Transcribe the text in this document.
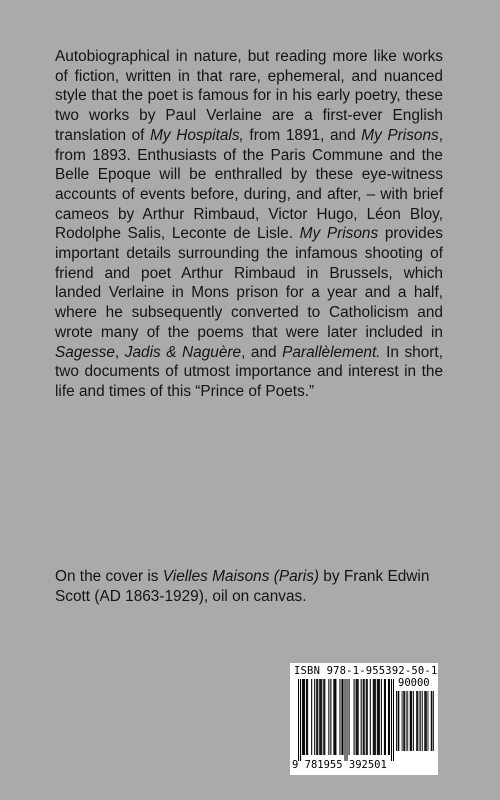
Autobiographical in nature, but reading more like works of fiction, written in that rare, ephemeral, and nuanced style that the poet is famous for in his early poetry, these two works by Paul Verlaine are a first-ever English translation of My Hospitals, from 1891, and My Prisons, from 1893. Enthusiasts of the Paris Commune and the Belle Epoque will be enthralled by these eye-witness accounts of events before, during, and after, – with brief cameos by Arthur Rimbaud, Victor Hugo, Léon Bloy, Rodolphe Salis, Leconte de Lisle. My Prisons provides important details surrounding the infamous shooting of friend and poet Arthur Rimbaud in Brussels, which landed Verlaine in Mons prison for a year and a half, where he subsequently converted to Catholicism and wrote many of the poems that were later included in Sagesse, Jadis & Naguère, and Parallèlement. In short, two documents of utmost importance and interest in the life and times of this “Prince of Poets.”

On the cover is Vielles Maisons (Paris) by Frank Edwin Scott (AD 1863-1929), oil on canvas.

ISBN 978-1-955392-50-1
90000
9 781955 392501
